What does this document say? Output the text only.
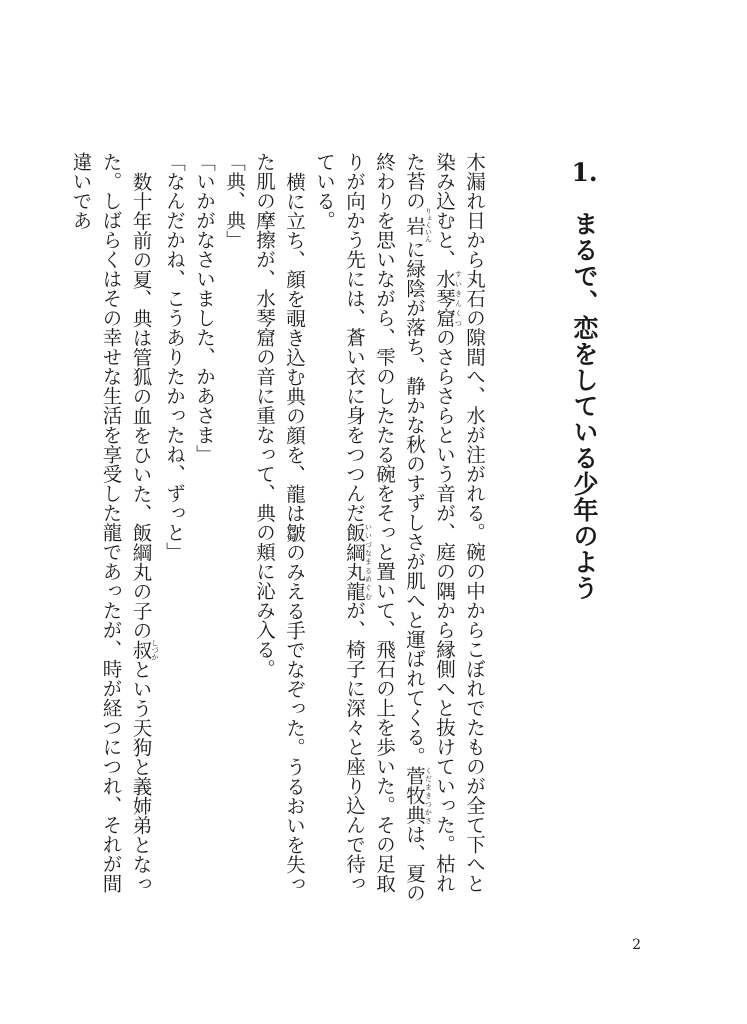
1.　まるで、恋をしている少年のよう

木漏れ日から丸石の隙間へ、水が注がれる。碗の中からこぼれでたものが全て下へと染み込むと、水琴窟すいきんくつのさらさらという音が、庭の隅から縁側へと抜けていった。枯れた苔の岩りょくいんに緑陰が落ち、静かな秋のすずしさが肌へと運ばれてくる。菅牧典くだまきつかさは、夏の終わりを思いながら、雫のしたたる碗をそっと置いて、飛石の上を歩いた。その足取りが向かう先には、蒼い衣に身をつつんだ飯綱丸龍いいづなまるめぐむが、椅子に深々と座り込んで待っている。

横に立ち、顔を覗き込む典の顔を、龍は皺のみえる手でなぞった。うるおいを失った肌の摩擦が、水琴窟の音に重なって、典の頬に沁み入る。

「典、典」

「いかがなさいました、かあさま」

「なんだかね、こうありたかったね、ずっと」

数十年前の夏、典は管狐の血をひいた、飯綱丸の子の叔しづかという天狗と義姉弟となった。しばらくはその幸せな生活を享受した龍であったが、時が経つにつれ、それが間違いであ

2
